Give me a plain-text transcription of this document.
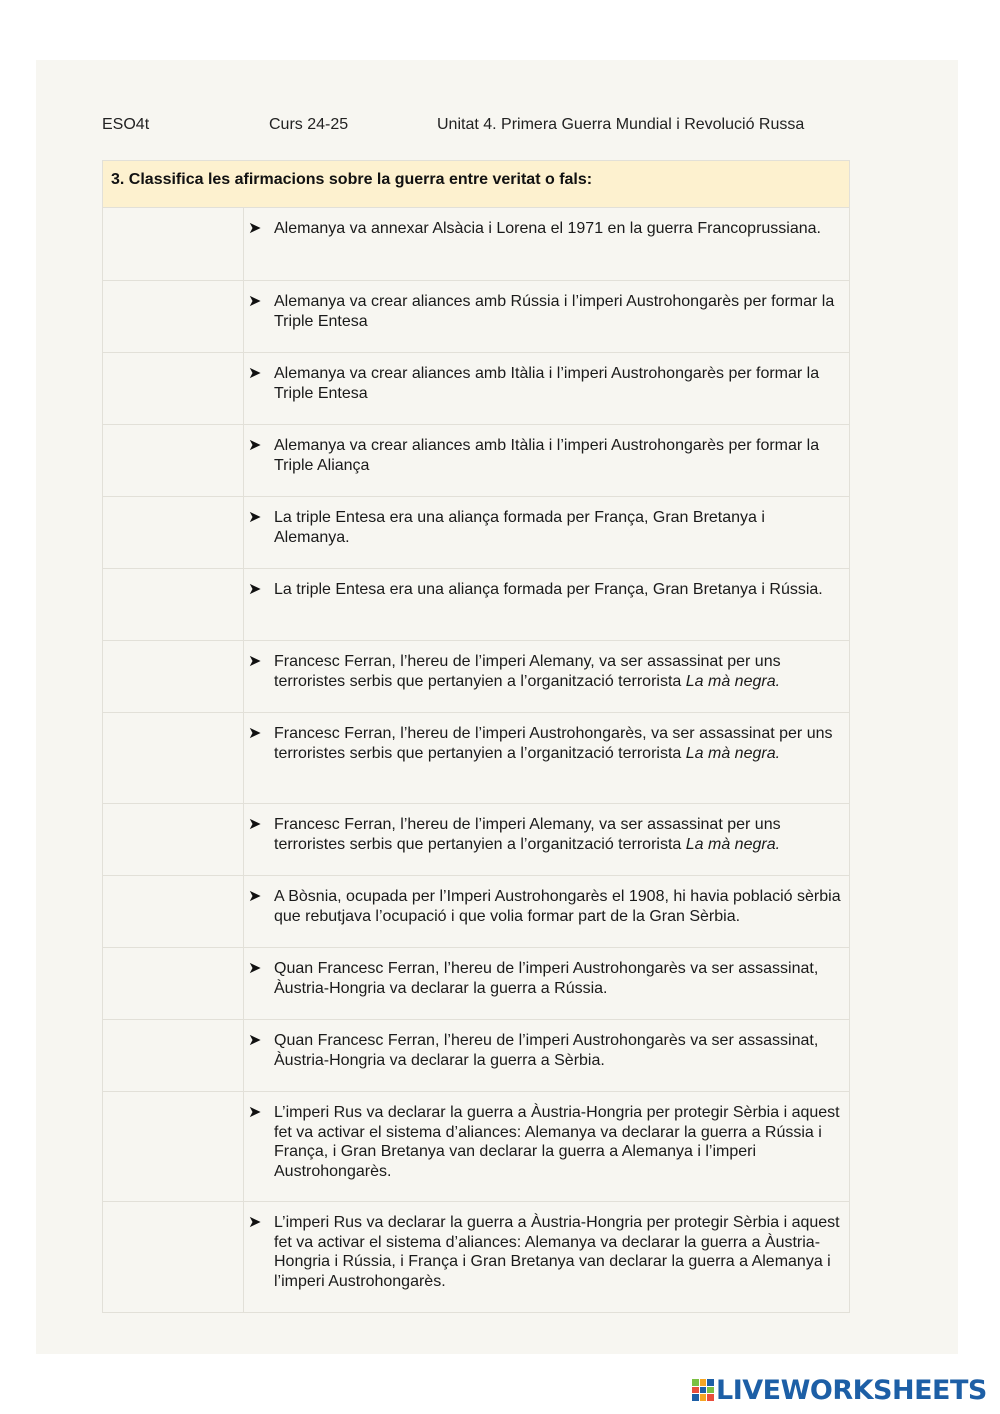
ESO4t	Curs 24-25	Unitat 4. Primera Guerra Mundial i Revolució Russa
3. Classifica les afirmacions sobre la guerra entre veritat o fals:
➤ Alemanya va annexar Alsàcia i Lorena el 1971 en la guerra Francoprussiana.
➤ Alemanya va crear aliances amb Rússia i l’imperi Austrohongarès per formar la Triple Entesa
➤ Alemanya va crear aliances amb Itàlia i l’imperi Austrohongarès per formar la Triple Entesa
➤ Alemanya va crear aliances amb Itàlia i l’imperi Austrohongarès per formar la Triple Aliança
➤ La triple Entesa era una aliança formada per França, Gran Bretanya i Alemanya.
➤ La triple Entesa era una aliança formada per França, Gran Bretanya i Rússia.
➤ Francesc Ferran, l’hereu de l’imperi Alemany, va ser assassinat per uns terroristes serbis que pertanyien a l’organització terrorista La mà negra.
➤ Francesc Ferran, l’hereu de l’imperi Austrohongarès, va ser assassinat per uns terroristes serbis que pertanyien a l’organització terrorista La mà negra.
➤ Francesc Ferran, l’hereu de l’imperi Alemany, va ser assassinat per uns terroristes serbis que pertanyien a l’organització terrorista La mà negra.
➤ A Bòsnia, ocupada per l’Imperi Austrohongarès el 1908, hi havia població sèrbia que rebutjava l’ocupació i que volia formar part de la Gran Sèrbia.
➤ Quan Francesc Ferran, l’hereu de l’imperi Austrohongarès va ser assassinat, Àustria-Hongria va declarar la guerra a Rússia.
➤ Quan Francesc Ferran, l’hereu de l’imperi Austrohongarès va ser assassinat, Àustria-Hongria va declarar la guerra a Sèrbia.
➤ L’imperi Rus va declarar la guerra a Àustria-Hongria per protegir Sèrbia i aquest fet va activar el sistema d’aliances: Alemanya va declarar la guerra a Rússia i França, i Gran Bretanya van declarar la guerra a Alemanya i l’imperi Austrohongarès.
➤ L’imperi Rus va declarar la guerra a Àustria-Hongria per protegir Sèrbia i aquest fet va activar el sistema d’aliances: Alemanya va declarar la guerra a Àustria-Hongria i Rússia, i França i Gran Bretanya van declarar la guerra a Alemanya i l’imperi Austrohongarès.
LIVEWORKSHEETS
